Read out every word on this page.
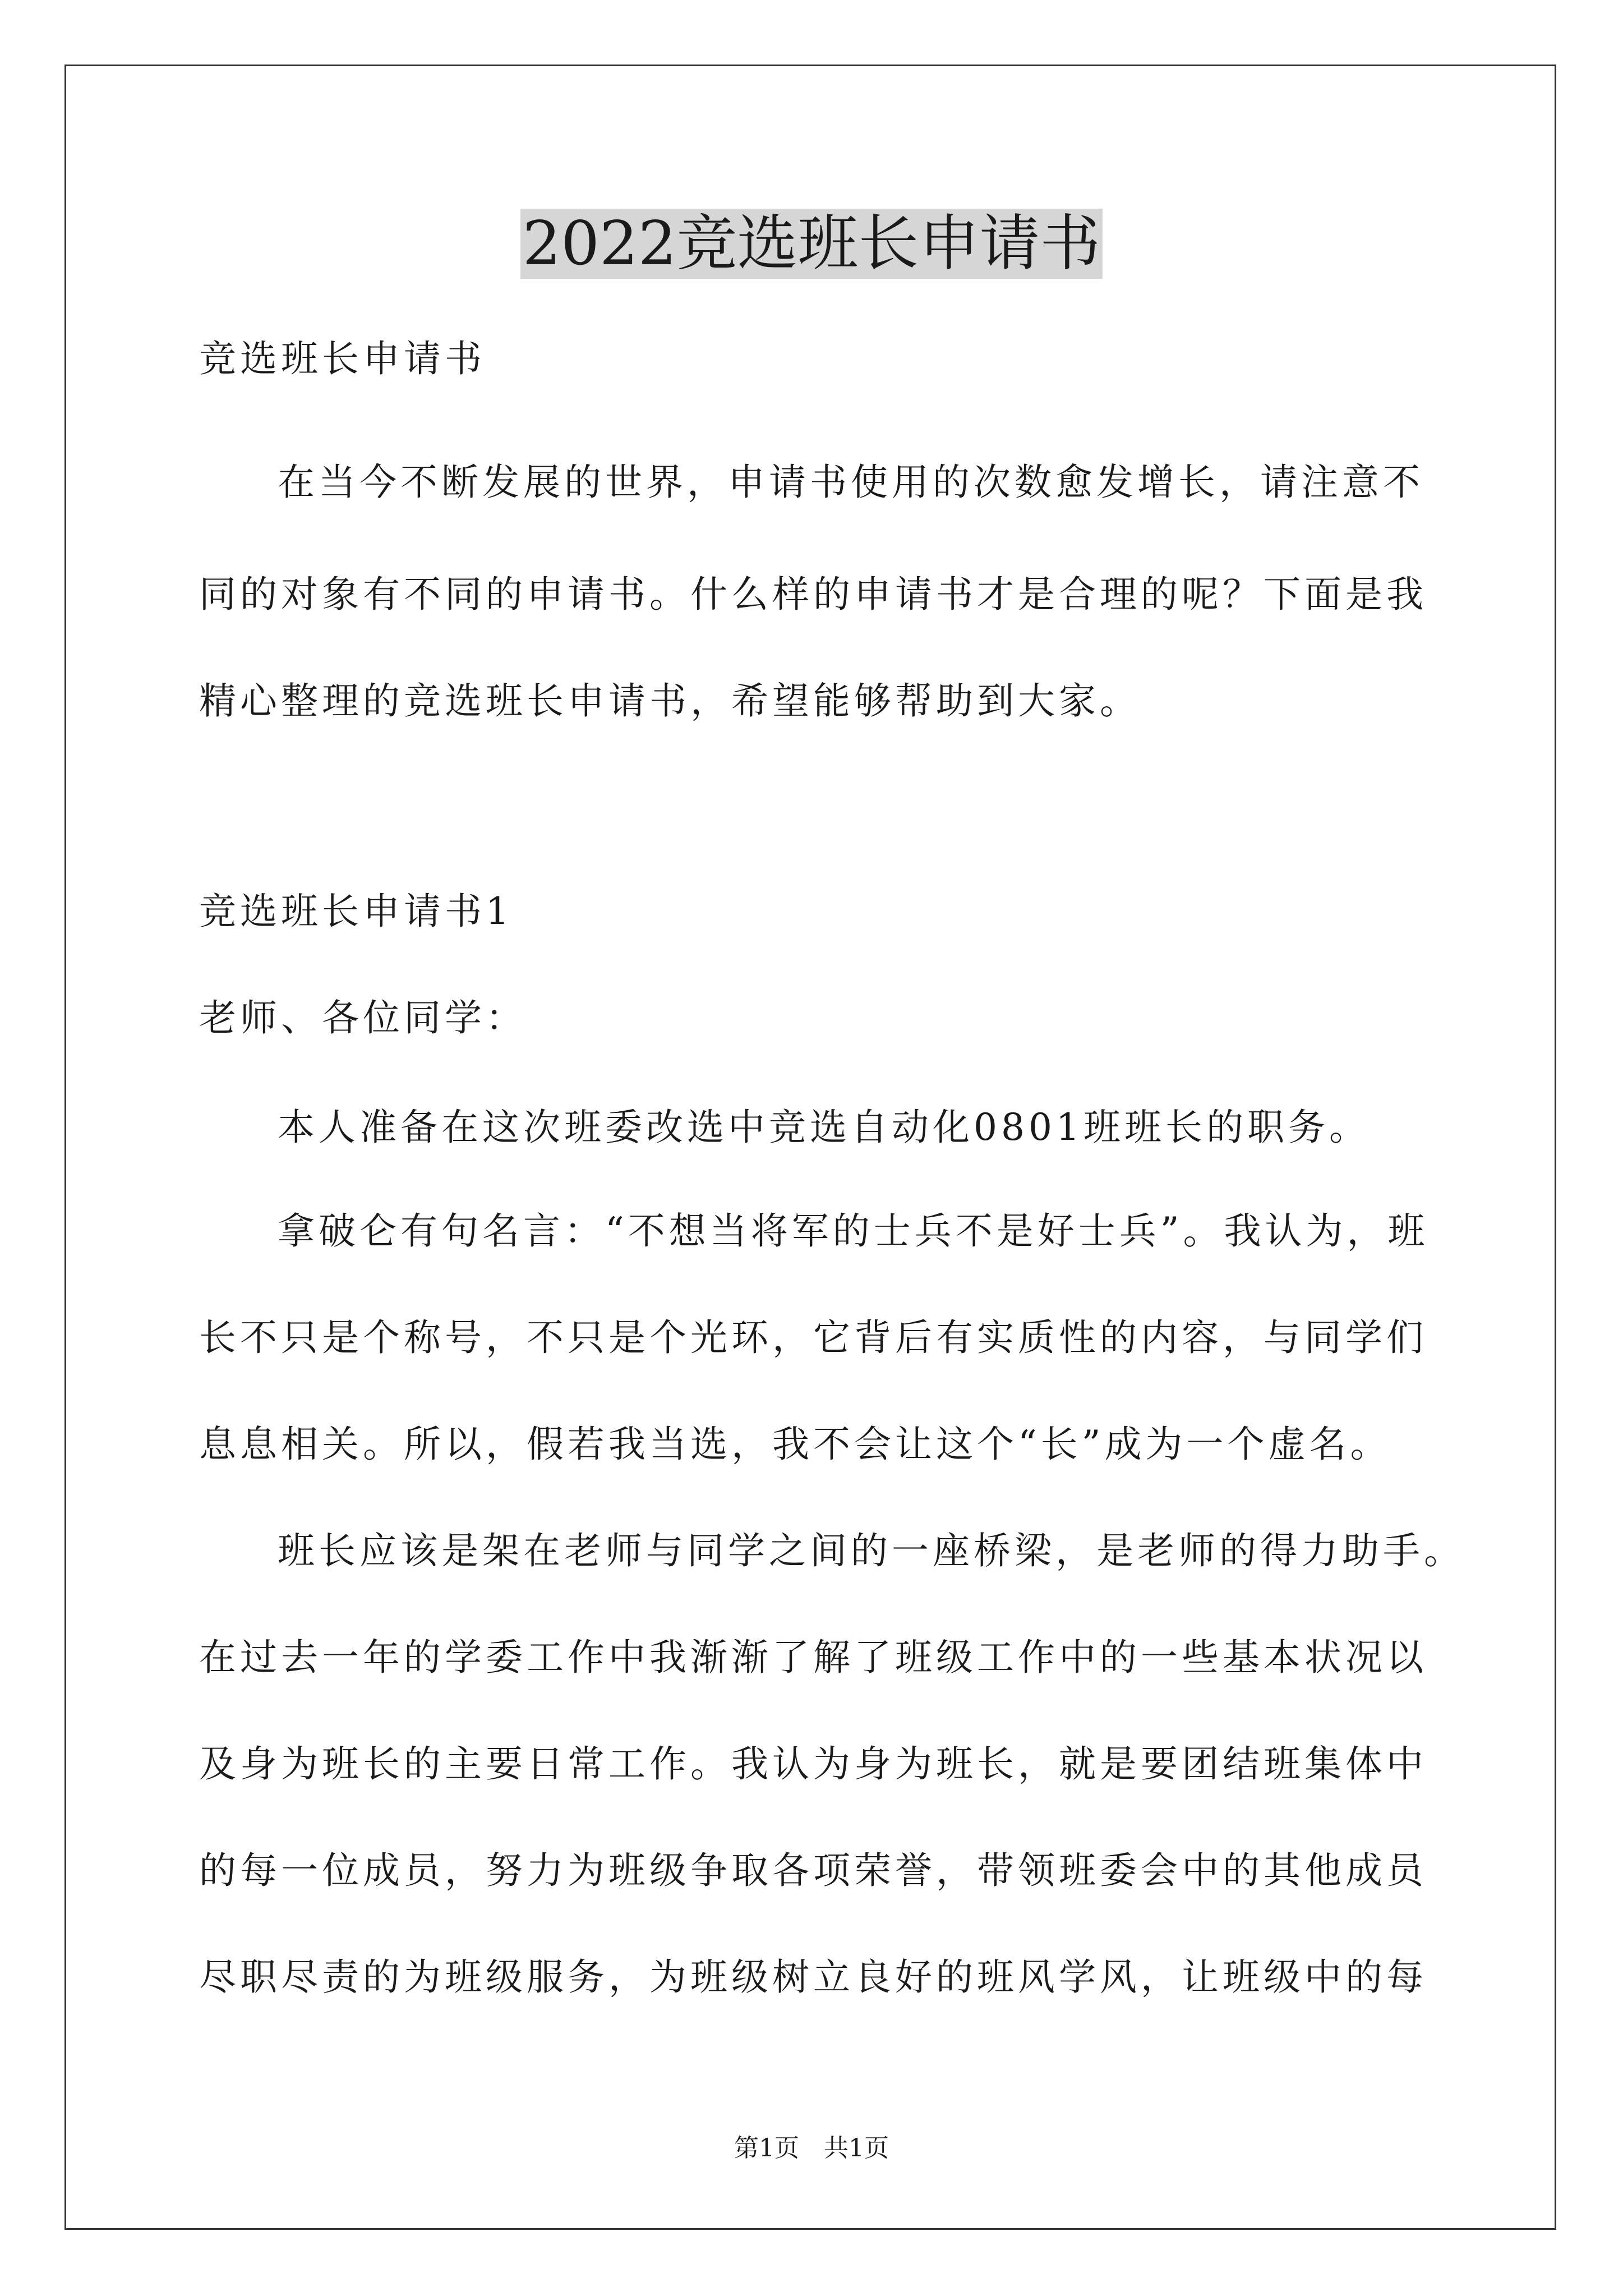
2022竞选班长申请书
竞选班长申请书
在当今不断发展的世界，申请书使用的次数愈发增长，请注意不
同的对象有不同的申请书。什么样的申请书才是合理的呢？下面是我
精心整理的竞选班长申请书，希望能够帮助到大家。
竞选班长申请书1
老师、各位同学：
本人准备在这次班委改选中竞选自动化0801班班长的职务。
拿破仑有句名言：“不想当将军的士兵不是好士兵”。我认为，班
长不只是个称号，不只是个光环，它背后有实质性的内容，与同学们
息息相关。所以，假若我当选，我不会让这个“长”成为一个虚名。
班长应该是架在老师与同学之间的一座桥梁，是老师的得力助手。
在过去一年的学委工作中我渐渐了解了班级工作中的一些基本状况以
及身为班长的主要日常工作。我认为身为班长，就是要团结班集体中
的每一位成员，努力为班级争取各项荣誉，带领班委会中的其他成员
尽职尽责的为班级服务，为班级树立良好的班风学风，让班级中的每
第1页　共1页
